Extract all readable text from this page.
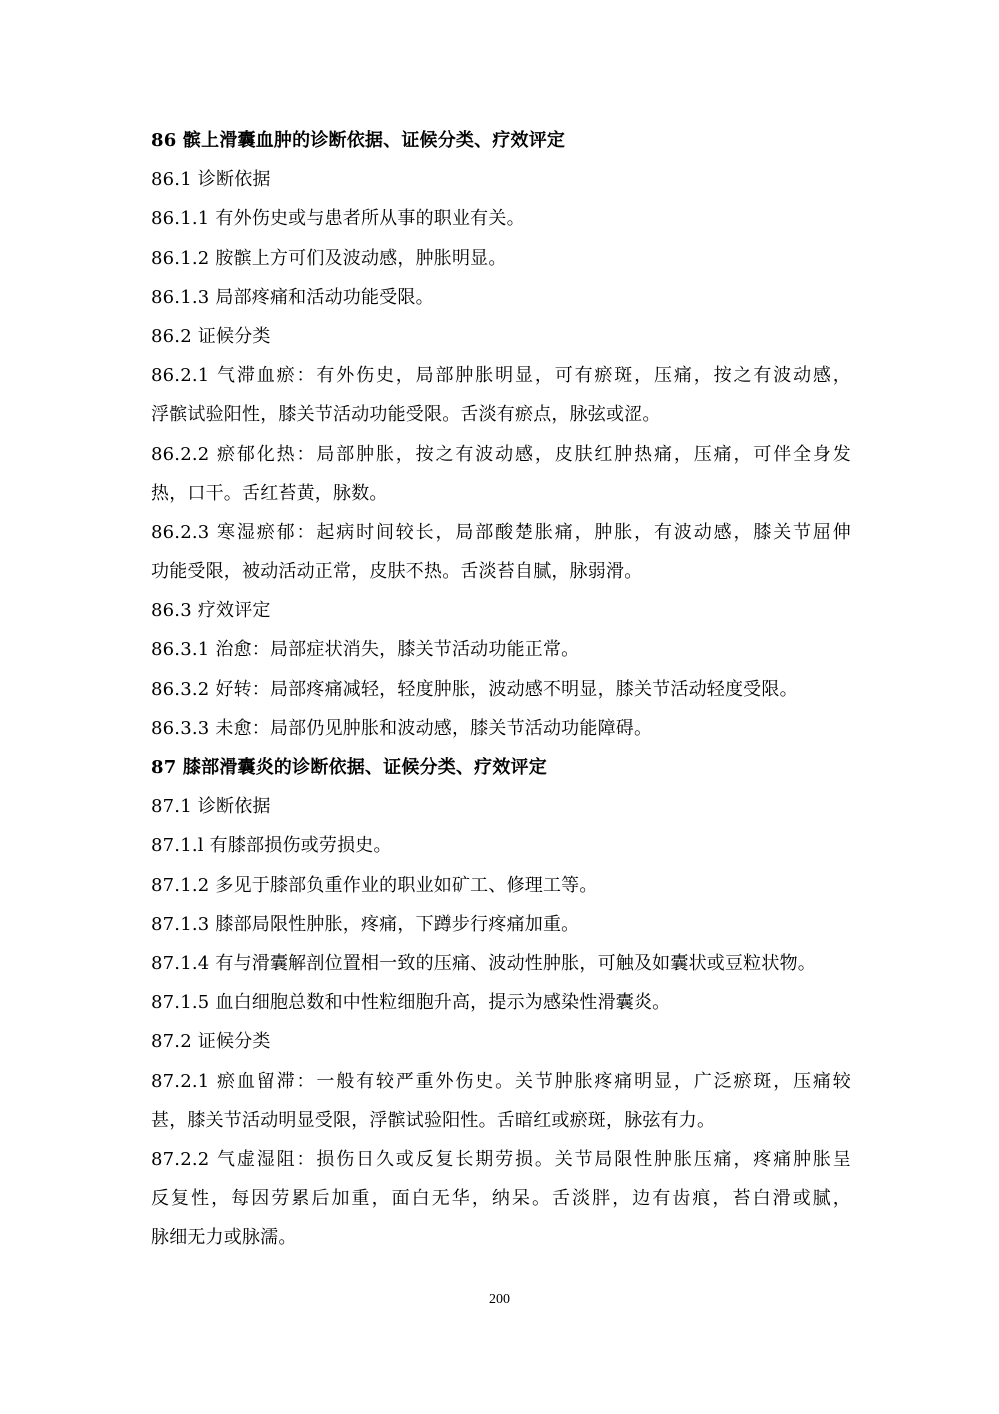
86 髌上滑囊血肿的诊断依据、证候分类、疗效评定
86.1 诊断依据
86.1.1 有外伤史或与患者所从事的职业有关。
86.1.2 胺髌上方可们及波动感，肿胀明显。
86.1.3 局部疼痛和活动功能受限。
86.2 证候分类
86.2.1 气滞血瘀：有外伤史，局部肿胀明显，可有瘀斑，压痛，按之有波动感，
浮髌试验阳性，膝关节活动功能受限。舌淡有瘀点，脉弦或涩。
86.2.2 瘀郁化热：局部肿胀，按之有波动感，皮肤红肿热痛，压痛，可伴全身发
热，口干。舌红苔黄，脉数。
86.2.3 寒湿瘀郁：起病时间较长，局部酸楚胀痛，肿胀，有波动感，膝关节屈伸
功能受限，被动活动正常，皮肤不热。舌淡苔自腻，脉弱滑。
86.3 疗效评定
86.3.1 治愈：局部症状消失，膝关节活动功能正常。
86.3.2 好转：局部疼痛减轻，轻度肿胀，波动感不明显，膝关节活动轻度受限。
86.3.3 未愈：局部仍见肿胀和波动感，膝关节活动功能障碍。
87 膝部滑囊炎的诊断依据、证候分类、疗效评定
87.1 诊断依据
87.1.l 有膝部损伤或劳损史。
87.1.2 多见于膝部负重作业的职业如矿工、修理工等。
87.1.3 膝部局限性肿胀，疼痛，下蹲步行疼痛加重。
87.1.4 有与滑囊解剖位置相一致的压痛、波动性肿胀，可触及如囊状或豆粒状物。
87.1.5 血白细胞总数和中性粒细胞升高，提示为感染性滑囊炎。
87.2 证候分类
87.2.1 瘀血留滞：一般有较严重外伤史。关节肿胀疼痛明显，广泛瘀斑，压痛较
甚，膝关节活动明显受限，浮髌试验阳性。舌暗红或瘀斑，脉弦有力。
87.2.2 气虚湿阻：损伤日久或反复长期劳损。关节局限性肿胀压痛，疼痛肿胀呈
反复性，每因劳累后加重，面白无华，纳呆。舌淡胖，边有齿痕，苔白滑或腻，
脉细无力或脉濡。
200
